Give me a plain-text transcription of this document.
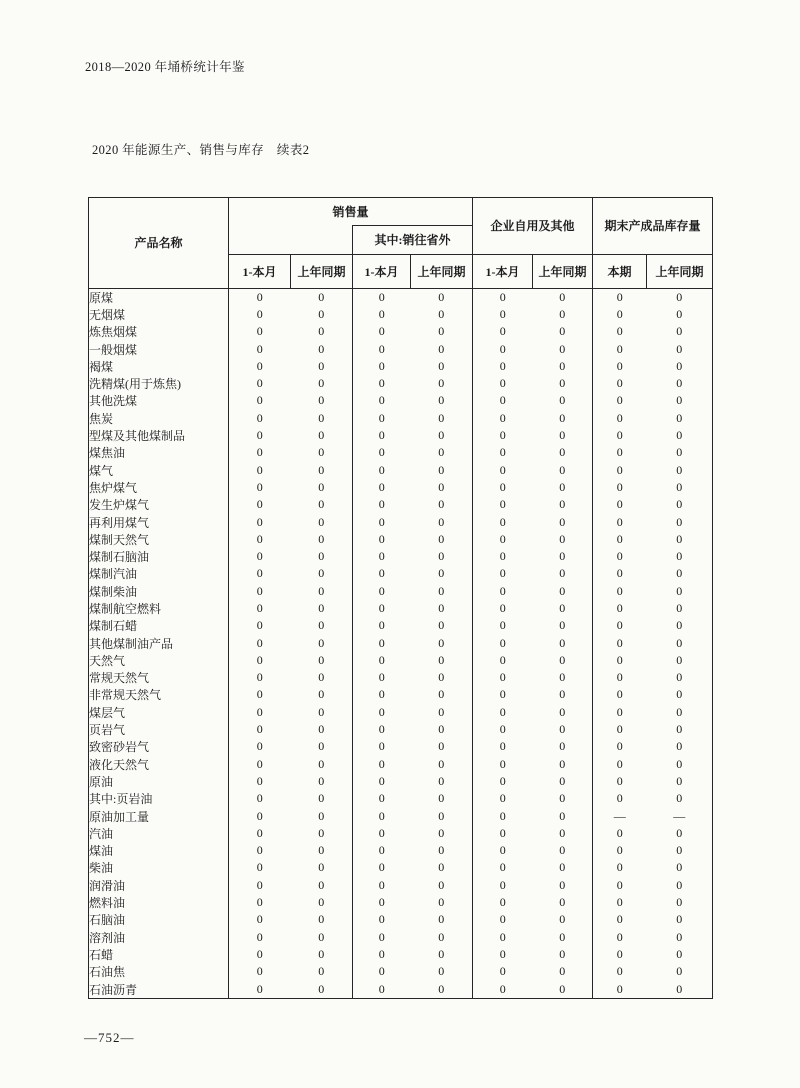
2018—2020 年埇桥统计年鉴
2020 年能源生产、销售与库存　续表2
产品名称	销售量				企业自用及其他		期末产成品库存量	
			其中:销往省外					
	1-本月	上年同期	1-本月	上年同期	1-本月	上年同期	本期	上年同期
原煤	0	0	0	0	0	0	0	0
无烟煤	0	0	0	0	0	0	0	0
炼焦烟煤	0	0	0	0	0	0	0	0
一般烟煤	0	0	0	0	0	0	0	0
褐煤	0	0	0	0	0	0	0	0
洗精煤(用于炼焦)	0	0	0	0	0	0	0	0
其他洗煤	0	0	0	0	0	0	0	0
焦炭	0	0	0	0	0	0	0	0
型煤及其他煤制品	0	0	0	0	0	0	0	0
煤焦油	0	0	0	0	0	0	0	0
煤气	0	0	0	0	0	0	0	0
焦炉煤气	0	0	0	0	0	0	0	0
发生炉煤气	0	0	0	0	0	0	0	0
再利用煤气	0	0	0	0	0	0	0	0
煤制天然气	0	0	0	0	0	0	0	0
煤制石脑油	0	0	0	0	0	0	0	0
煤制汽油	0	0	0	0	0	0	0	0
煤制柴油	0	0	0	0	0	0	0	0
煤制航空燃料	0	0	0	0	0	0	0	0
煤制石蜡	0	0	0	0	0	0	0	0
其他煤制油产品	0	0	0	0	0	0	0	0
天然气	0	0	0	0	0	0	0	0
常规天然气	0	0	0	0	0	0	0	0
非常规天然气	0	0	0	0	0	0	0	0
煤层气	0	0	0	0	0	0	0	0
页岩气	0	0	0	0	0	0	0	0
致密砂岩气	0	0	0	0	0	0	0	0
液化天然气	0	0	0	0	0	0	0	0
原油	0	0	0	0	0	0	0	0
其中:页岩油	0	0	0	0	0	0	0	0
原油加工量	0	0	0	0	0	0	—	—
汽油	0	0	0	0	0	0	0	0
煤油	0	0	0	0	0	0	0	0
柴油	0	0	0	0	0	0	0	0
润滑油	0	0	0	0	0	0	0	0
燃料油	0	0	0	0	0	0	0	0
石脑油	0	0	0	0	0	0	0	0
溶剂油	0	0	0	0	0	0	0	0
石蜡	0	0	0	0	0	0	0	0
石油焦	0	0	0	0	0	0	0	0
石油沥青	0	0	0	0	0	0	0	0
—752—
